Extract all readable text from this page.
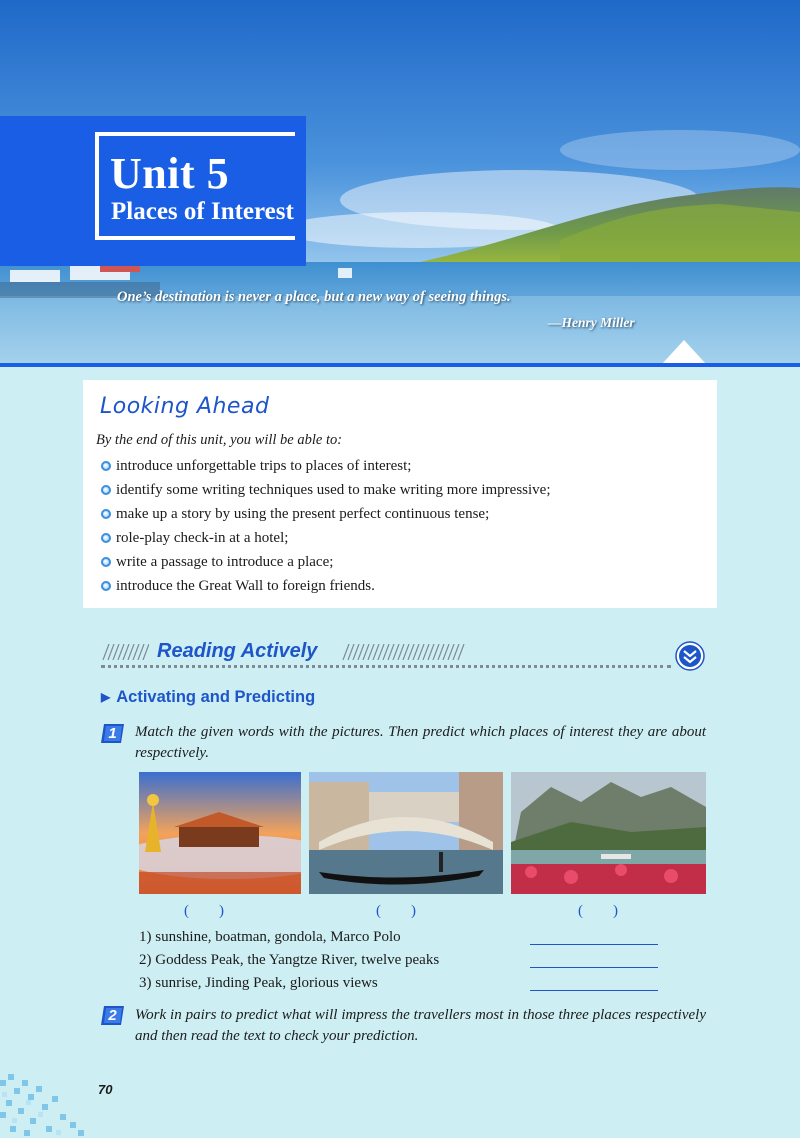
Unit 5
Places of Interest
One’s destination is never a place, but a new way of seeing things.
—Henry Miller
Looking Ahead
By the end of this unit, you will be able to:
introduce unforgettable trips to places of interest;
identify some writing techniques used to make writing more impressive;
make up a story by using the present perfect continuous tense;
role-play check-in at a hotel;
write a passage to introduce a place;
introduce the Great Wall to foreign friends.
Reading Actively
▶ Activating and Predicting
1	Match the given words with the pictures. Then predict which places of interest they are about respectively.
(        )	(        )	(        )
1) sunshine, boatman, gondola, Marco Polo
2) Goddess Peak, the Yangtze River, twelve peaks
3) sunrise, Jinding Peak, glorious views
2	Work in pairs to predict what will impress the travellers most in those three places respectively and then read the text to check your prediction.
70
